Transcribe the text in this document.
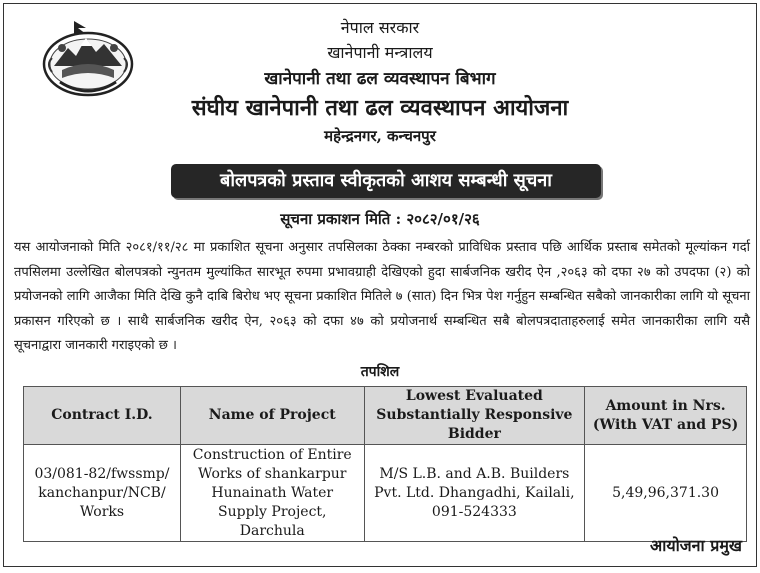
नेपाल सरकार
खानेपानी मन्त्रालय
खानेपानी तथा ढल व्यवस्थापन बिभाग
संघीय खानेपानी तथा ढल व्यवस्थापन आयोजना
महेन्द्रनगर, कन्चनपुर
बोलपत्रको प्रस्ताव स्वीकृतको आशय सम्बन्धी सूचना
सूचना प्रकाशन मिति : २०८२/०१/२६
यस आयोजनाको मिति २०८१/११/२८ मा प्रकाशित सूचना अनुसार तपसिलका ठेक्का नम्बरको प्राविधिक प्रस्ताव पछि आर्थिक प्रस्ताब समेतको मूल्यांकन गर्दा तपसिलमा उल्लेखित बोलपत्रको न्युनतम मुल्यांकित सारभूत रुपमा प्रभावग्राही देखिएको हुदा सार्बजनिक खरीद ऐन ,२०६३ को दफा २७ को उपदफा (२) को प्रयोजनको लागि आजैका मिति देखि कुनै दाबि बिरोध भए सूचना प्रकाशित मितिले ७ (सात) दिन भित्र पेश गर्नुहुन सम्बन्धित सबैको जानकारीका लागि यो सूचना प्रकासन गरिएको छ । साथै सार्बजनिक खरीद ऐन, २०६३ को दफा ४७ को प्रयोजनार्थ सम्बन्धित सबै बोलपत्रदाताहरुलाई समेत जानकारीका लागि यसै सूचनाद्वारा जानकारी गराइएको छ ।
तपशिल
Contract I.D.	Name of Project	Lowest Evaluated Substantially Responsive Bidder	Amount in Nrs. (With VAT and PS)
03/081-82/fwssmp/ kanchanpur/NCB/ Works	Construction of Entire Works of shankarpur Hunainath Water Supply Project, Darchula	M/S L.B. and A.B. Builders Pvt. Ltd. Dhangadhi, Kailali, 091-524333	5,49,96,371.30
आयोजना प्रमुख
